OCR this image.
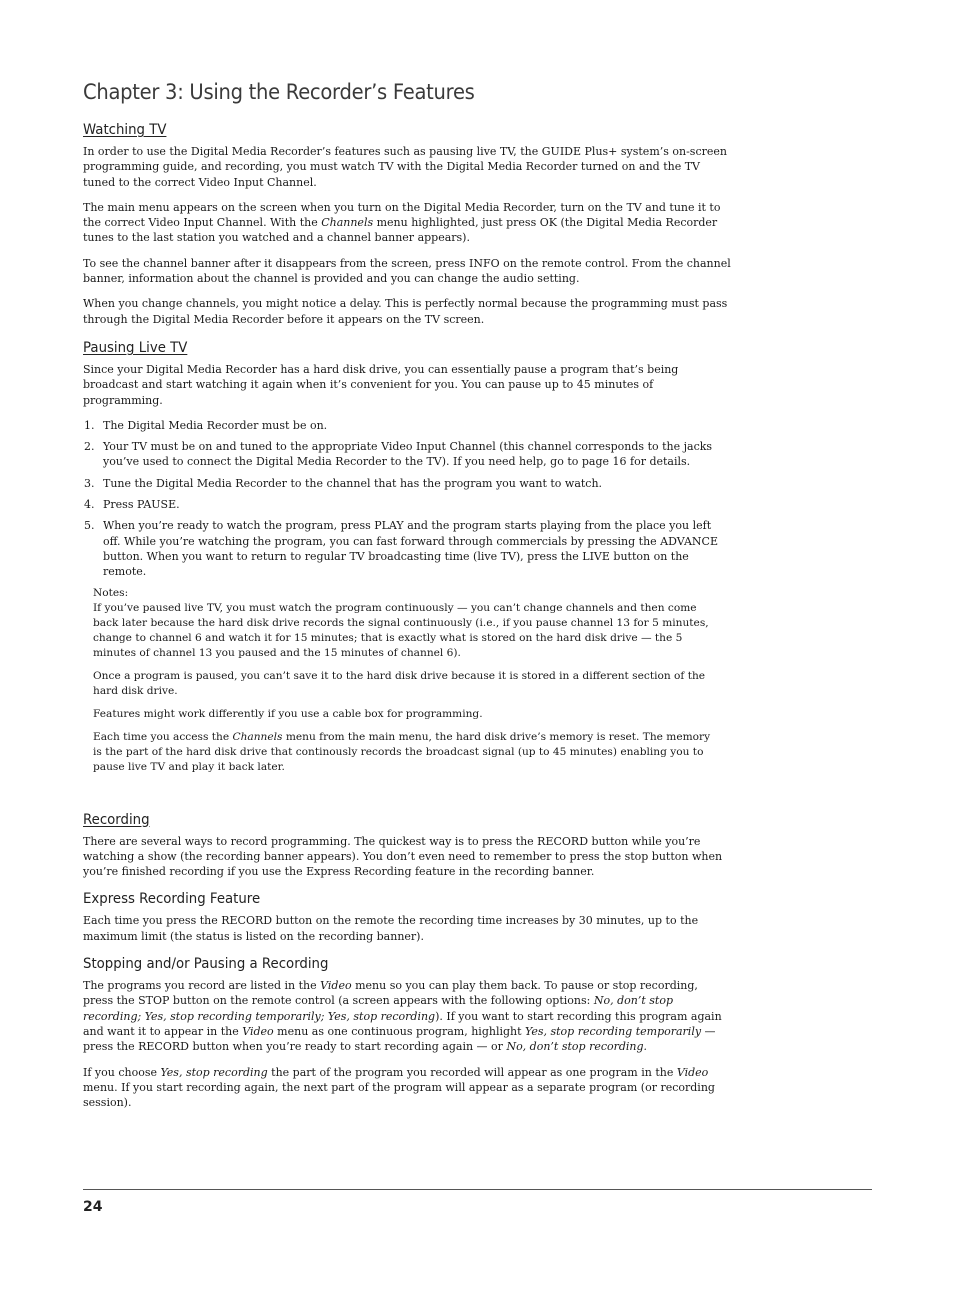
Chapter 3: Using the Recorder’s Features
Watching TV

In order to use the Digital Media Recorder’s features such as pausing live TV, the GUIDE Plus+ system’s on-screen programming guide, and recording, you must watch TV with the Digital Media Recorder turned on and the TV tuned to the correct Video Input Channel.

The main menu appears on the screen when you turn on the Digital Media Recorder, turn on the TV and tune it to the correct Video Input Channel. With the Channels menu highlighted, just press OK (the Digital Media Recorder tunes to the last station you watched and a channel banner appears).

To see the channel banner after it disappears from the screen, press INFO on the remote control. From the channel banner, information about the channel is provided and you can change the audio setting.

When you change channels, you might notice a delay. This is perfectly normal because the programming must pass through the Digital Media Recorder before it appears on the TV screen.

Pausing Live TV

Since your Digital Media Recorder has a hard disk drive, you can essentially pause a program that’s being broadcast and start watching it again when it’s convenient for you. You can pause up to 45 minutes of programming.

1. The Digital Media Recorder must be on.
2. Your TV must be on and tuned to the appropriate Video Input Channel (this channel corresponds to the jacks you’ve used to connect the Digital Media Recorder to the TV). If you need help, go to page 16 for details.
3. Tune the Digital Media Recorder to the channel that has the program you want to watch.
4. Press PAUSE.
5. When you’re ready to watch the program, press PLAY and the program starts playing from the place you left off. While you’re watching the program, you can fast forward through commercials by pressing the ADVANCE button. When you want to return to regular TV broadcasting time (live TV), press the LIVE button on the remote.

Notes:

If you’ve paused live TV, you must watch the program continuously — you can’t change channels and then come back later because the hard disk drive records the signal continuously (i.e., if you pause channel 13 for 5 minutes, change to channel 6 and watch it for 15 minutes; that is exactly what is stored on the hard disk drive — the 5 minutes of channel 13 you paused and the 15 minutes of channel 6).

Once a program is paused, you can’t save it to the hard disk drive because it is stored in a different section of the hard disk drive.

Features might work differently if you use a cable box for programming.

Each time you access the Channels menu from the main menu, the hard disk drive’s memory is reset. The memory is the part of the hard disk drive that continously records the broadcast signal (up to 45 minutes) enabling you to pause live TV and play it back later.

Recording

There are several ways to record programming. The quickest way is to press the RECORD button while you’re watching a show (the recording banner appears). You don’t even need to remember to press the stop button when you’re finished recording if you use the Express Recording feature in the recording banner.

Express Recording Feature

Each time you press the RECORD button on the remote the recording time increases by 30 minutes, up to the maximum limit (the status is listed on the recording banner).

Stopping and/or Pausing a Recording

The programs you record are listed in the Video menu so you can play them back. To pause or stop recording, press the STOP button on the remote control (a screen appears with the following options: No, don’t stop recording; Yes, stop recording temporarily; Yes, stop recording). If you want to start recording this program again and want it to appear in the Video menu as one continuous program, highlight Yes, stop recording temporarily — press the RECORD button when you’re ready to start recording again — or No, don’t stop recording.

If you choose Yes, stop recording the part of the program you recorded will appear as one program in the Video menu. If you start recording again, the next part of the program will appear as a separate program (or recording session).

24
